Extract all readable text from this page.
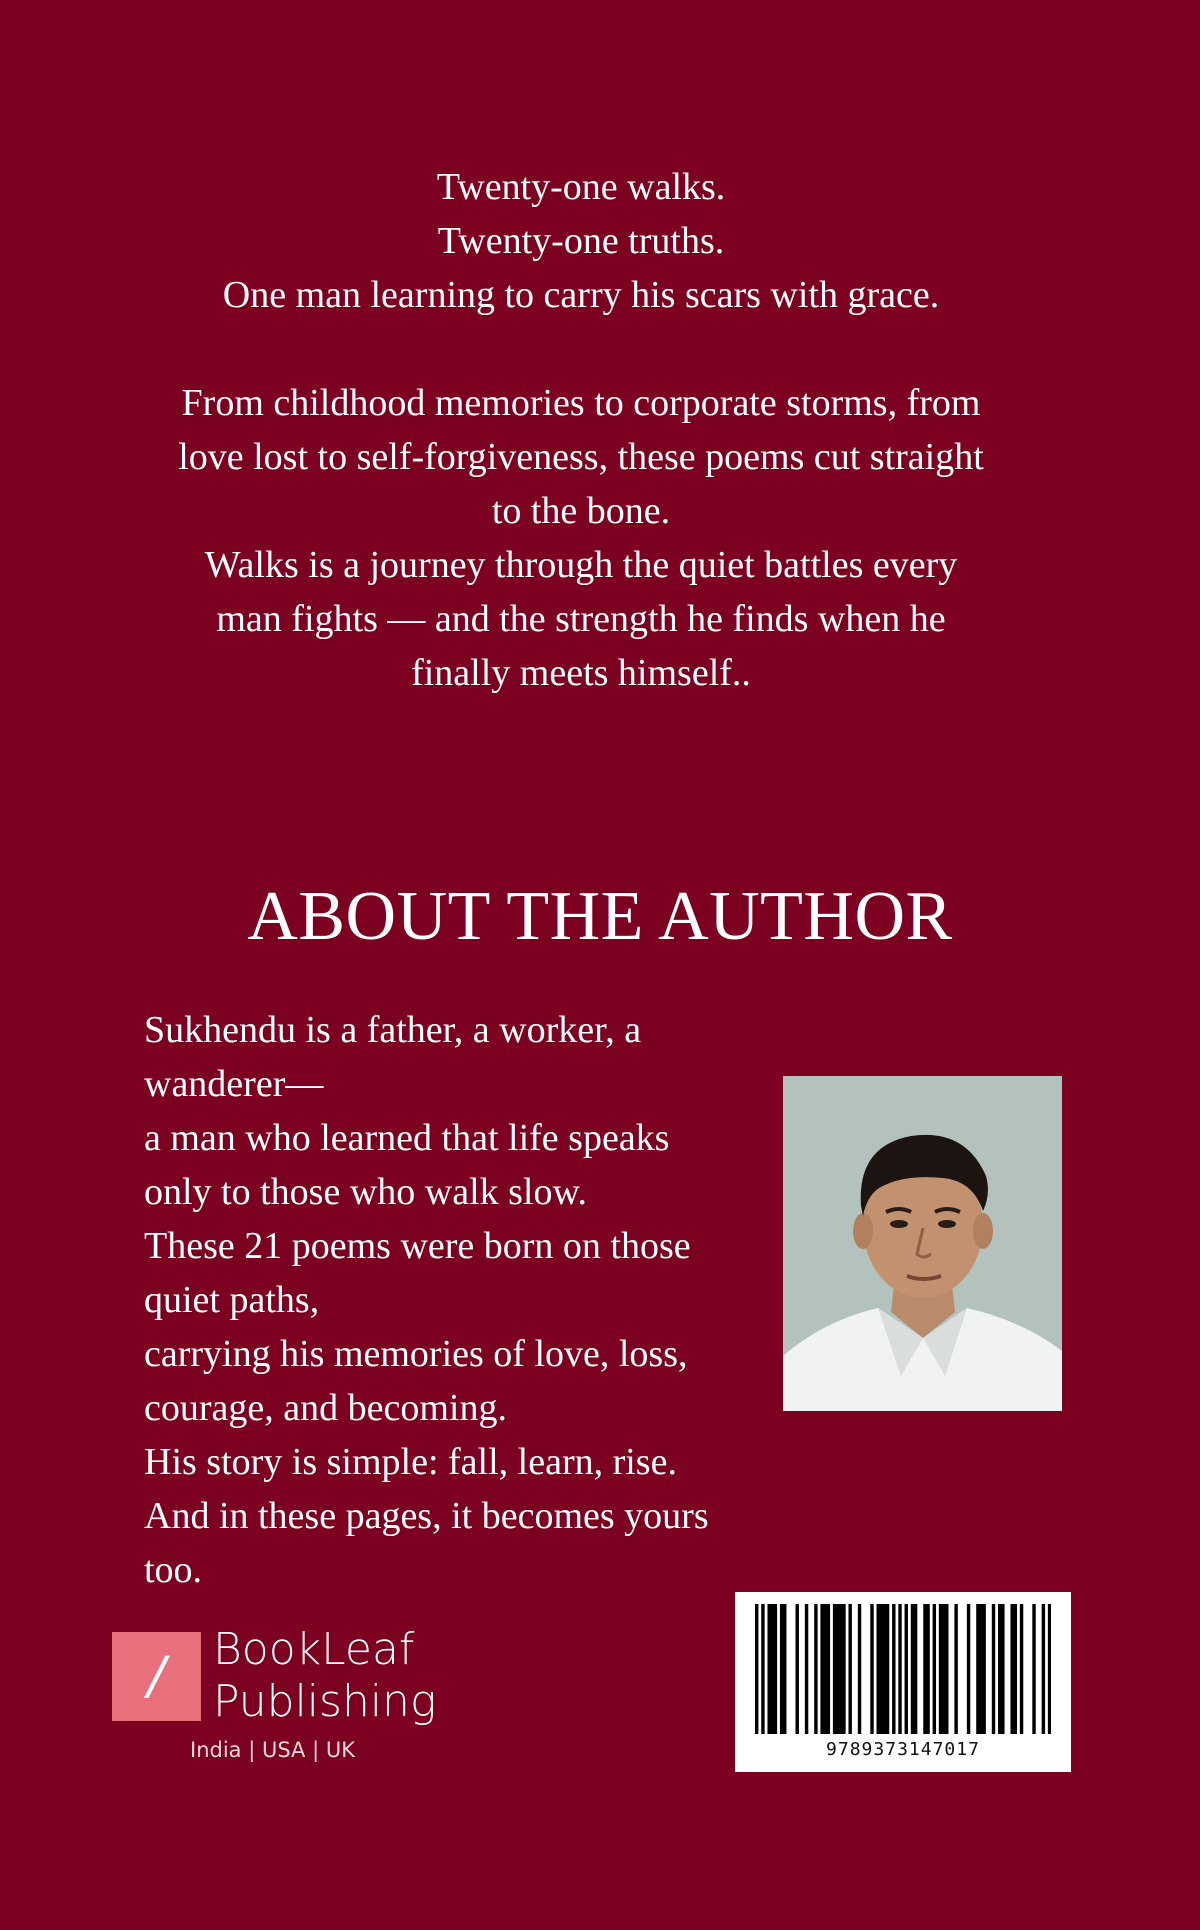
Twenty-one walks.

Twenty-one truths.

One man learning to carry his scars with grace.

From childhood memories to corporate storms, from

love lost to self-forgiveness, these poems cut straight

to the bone.

Walks is a journey through the quiet battles every

man fights — and the strength he finds when he

finally meets himself..

ABOUT THE AUTHOR

Sukhendu is a father, a worker, a

wanderer—

a man who learned that life speaks

only to those who walk slow.

These 21 poems were born on those

quiet paths,

carrying his memories of love, loss,

courage, and becoming.

His story is simple: fall, learn, rise.

And in these pages, it becomes yours

too.

/	BookLeaf
Publishing
India | USA | UK	9789373147017
